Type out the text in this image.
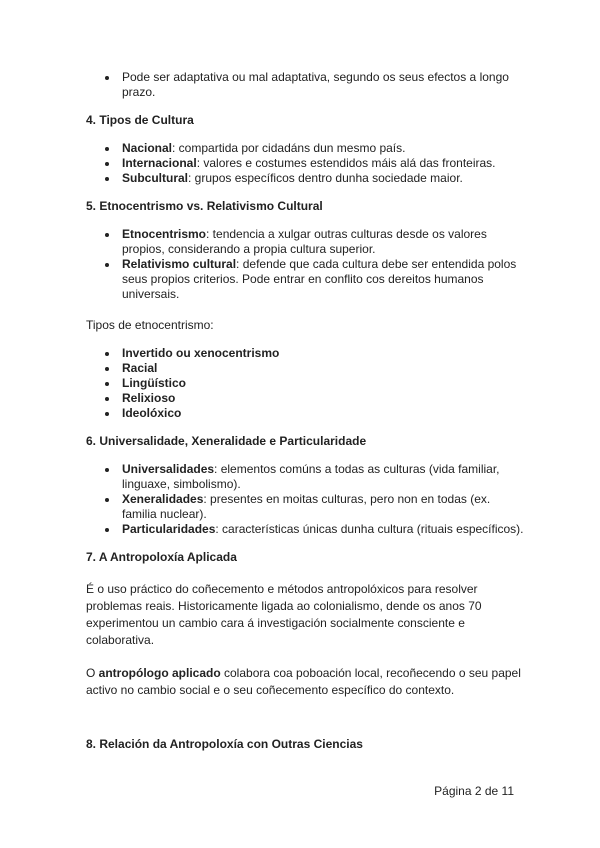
Pode ser adaptativa ou mal adaptativa, segundo os seus efectos a longo prazo.
4. Tipos de Cultura
Nacional: compartida por cidadáns dun mesmo país.
Internacional: valores e costumes estendidos máis alá das fronteiras.
Subcultural: grupos específicos dentro dunha sociedade maior.
5. Etnocentrismo vs. Relativismo Cultural
Etnocentrismo: tendencia a xulgar outras culturas desde os valores propios, considerando a propia cultura superior.
Relativismo cultural: defende que cada cultura debe ser entendida polos seus propios criterios. Pode entrar en conflito cos dereitos humanos universais.

Tipos de etnocentrismo:

Invertido ou xenocentrismo
Racial
Lingüístico
Relixioso
Ideolóxico
6. Universalidade, Xeneralidade e Particularidade
Universalidades: elementos comúns a todas as culturas (vida familiar, linguaxe, simbolismo).
Xeneralidades: presentes en moitas culturas, pero non en todas (ex. familia nuclear).
Particularidades: características únicas dunha cultura (rituais específicos).
7. A Antropoloxía Aplicada

É o uso práctico do coñecemento e métodos antropolóxicos para resolver problemas reais. Historicamente ligada ao colonialismo, dende os anos 70 experimentou un cambio cara á investigación socialmente consciente e colaborativa.

O antropólogo aplicado colabora coa poboación local, recoñecendo o seu papel activo no cambio social e o seu coñecemento específico do contexto.

8. Relación da Antropoloxía con Outras Ciencias
Página 2 de 11
